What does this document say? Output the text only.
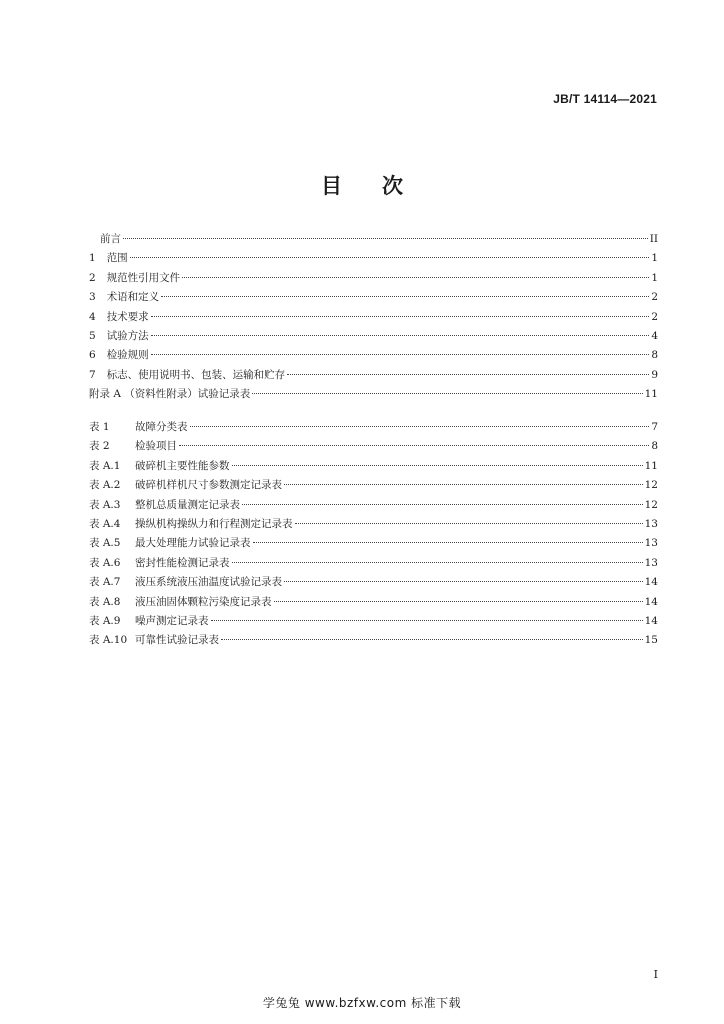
JB/T 14114—2021
目 次
前言	II
1 范围	1
2 规范性引用文件	1
3 术语和定义	2
4 技术要求	2
5 试验方法	4
6 检验规则	8
7 标志、使用说明书、包装、运输和贮存	9
附录 A （资料性附录）试验记录表	11
表 1 故障分类表	7
表 2 检验项目	8
表 A.1 破碎机主要性能参数	11
表 A.2 破碎机样机尺寸参数测定记录表	12
表 A.3 整机总质量测定记录表	12
表 A.4 操纵机构操纵力和行程测定记录表	13
表 A.5 最大处理能力试验记录表	13
表 A.6 密封性能检测记录表	13
表 A.7 液压系统液压油温度试验记录表	14
表 A.8 液压油固体颗粒污染度记录表	14
表 A.9 噪声测定记录表	14
表 A.10 可靠性试验记录表	15
I
学兔兔 www.bzfxw.com 标准下载
